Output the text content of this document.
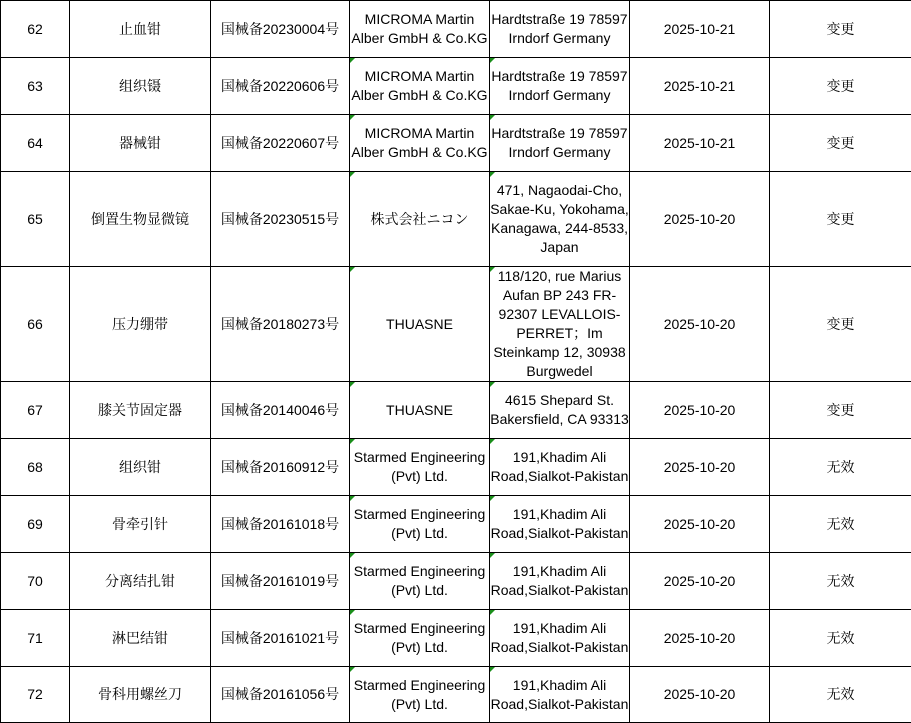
62	止血钳	国械备20230004号	MICROMA Martin Alber GmbH & Co.KG	Hardtstraße 19 78597 Irndorf Germany	2025-10-21	变更
63	组织镊	国械备20220606号	MICROMA Martin Alber GmbH & Co.KG	Hardtstraße 19 78597 Irndorf Germany	2025-10-21	变更
64	器械钳	国械备20220607号	MICROMA Martin Alber GmbH & Co.KG	Hardtstraße 19 78597 Irndorf Germany	2025-10-21	变更
65	倒置生物显微镜	国械备20230515号	株式会社ニコン	471, Nagaodai-Cho, Sakae-Ku, Yokohama, Kanagawa, 244-8533, Japan	2025-10-20	变更
66	压力绷带	国械备20180273号	THUASNE	118/120, rue Marius Aufan BP 243 FR-92307 LEVALLOIS-PERRET；Im Steinkamp 12, 30938 Burgwedel	2025-10-20	变更
67	膝关节固定器	国械备20140046号	THUASNE	4615 Shepard St. Bakersfield, CA 93313	2025-10-20	变更
68	组织钳	国械备20160912号	Starmed Engineering (Pvt) Ltd.	191,Khadim Ali Road,Sialkot-Pakistan	2025-10-20	无效
69	骨牵引针	国械备20161018号	Starmed Engineering (Pvt) Ltd.	191,Khadim Ali Road,Sialkot-Pakistan	2025-10-20	无效
70	分离结扎钳	国械备20161019号	Starmed Engineering (Pvt) Ltd.	191,Khadim Ali Road,Sialkot-Pakistan	2025-10-20	无效
71	淋巴结钳	国械备20161021号	Starmed Engineering (Pvt) Ltd.	191,Khadim Ali Road,Sialkot-Pakistan	2025-10-20	无效
72	骨科用螺丝刀	国械备20161056号	Starmed Engineering (Pvt) Ltd.	191,Khadim Ali Road,Sialkot-Pakistan	2025-10-20	无效
